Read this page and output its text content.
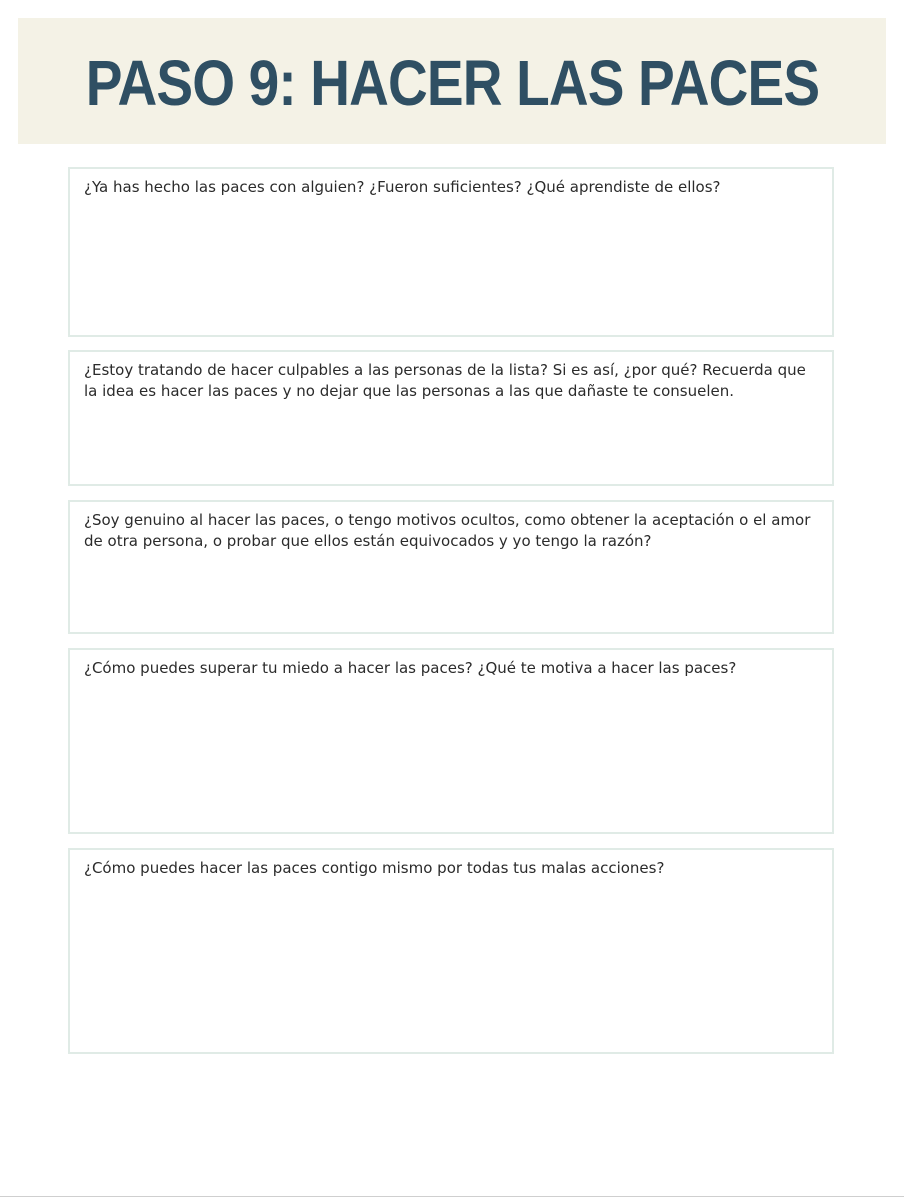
PASO 9: HACER LAS PACES

¿Ya has hecho las paces con alguien? ¿Fueron suficientes? ¿Qué aprendiste de ellos?

¿Estoy tratando de hacer culpables a las personas de la lista? Si es así, ¿por qué? Recuerda que la idea es hacer las paces y no dejar que las personas a las que dañaste te consuelen.

¿Soy genuino al hacer las paces, o tengo motivos ocultos, como obtener la aceptación o el amor de otra persona, o probar que ellos están equivocados y yo tengo la razón?

¿Cómo puedes superar tu miedo a hacer las paces? ¿Qué te motiva a hacer las paces?

¿Cómo puedes hacer las paces contigo mismo por todas tus malas acciones?
